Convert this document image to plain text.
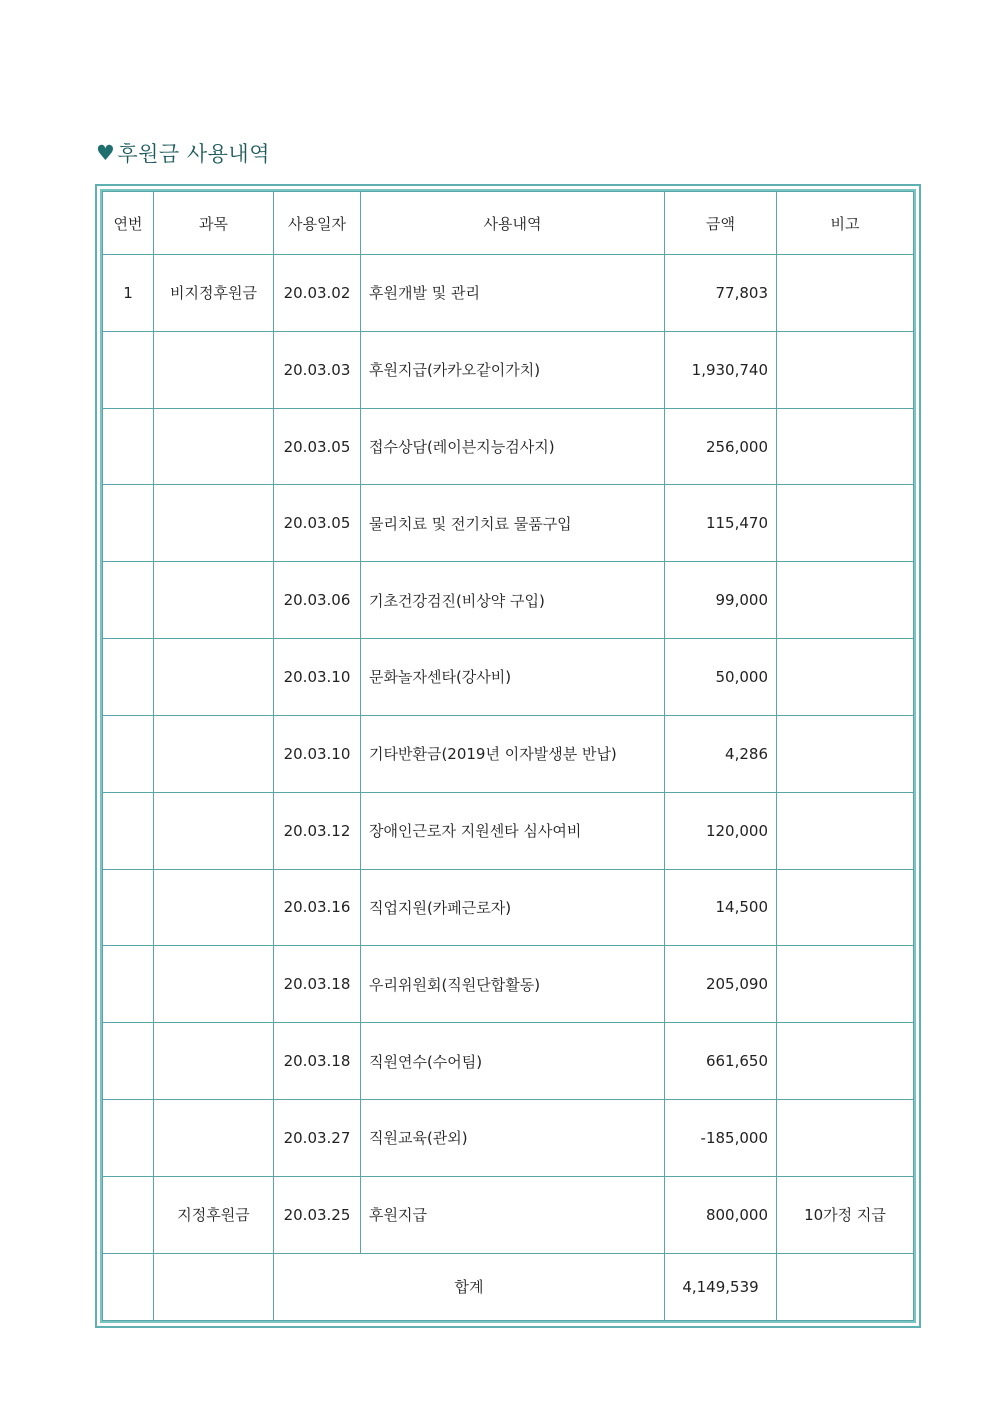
♥ 후원금 사용내역
연번	과목	사용일자	사용내역	금액	비고
1	비지정후원금	20.03.02	후원개발 및 관리	77,803	
		20.03.03	후원지급(카카오같이가치)	1,930,740	
		20.03.05	접수상담(레이븐지능검사지)	256,000	
		20.03.05	물리치료 및 전기치료 물품구입	115,470	
		20.03.06	기초건강검진(비상약 구입)	99,000	
		20.03.10	문화놀자센타(강사비)	50,000	
		20.03.10	기타반환금(2019년 이자발생분 반납)	4,286	
		20.03.12	장애인근로자 지원센타 심사여비	120,000	
		20.03.16	직업지원(카페근로자)	14,500	
		20.03.18	우리위원회(직원단합활동)	205,090	
		20.03.18	직원연수(수어팀)	661,650	
		20.03.27	직원교육(관외)	-185,000	
	지정후원금	20.03.25	후원지급	800,000	10가정 지급
		합계		4,149,539	
